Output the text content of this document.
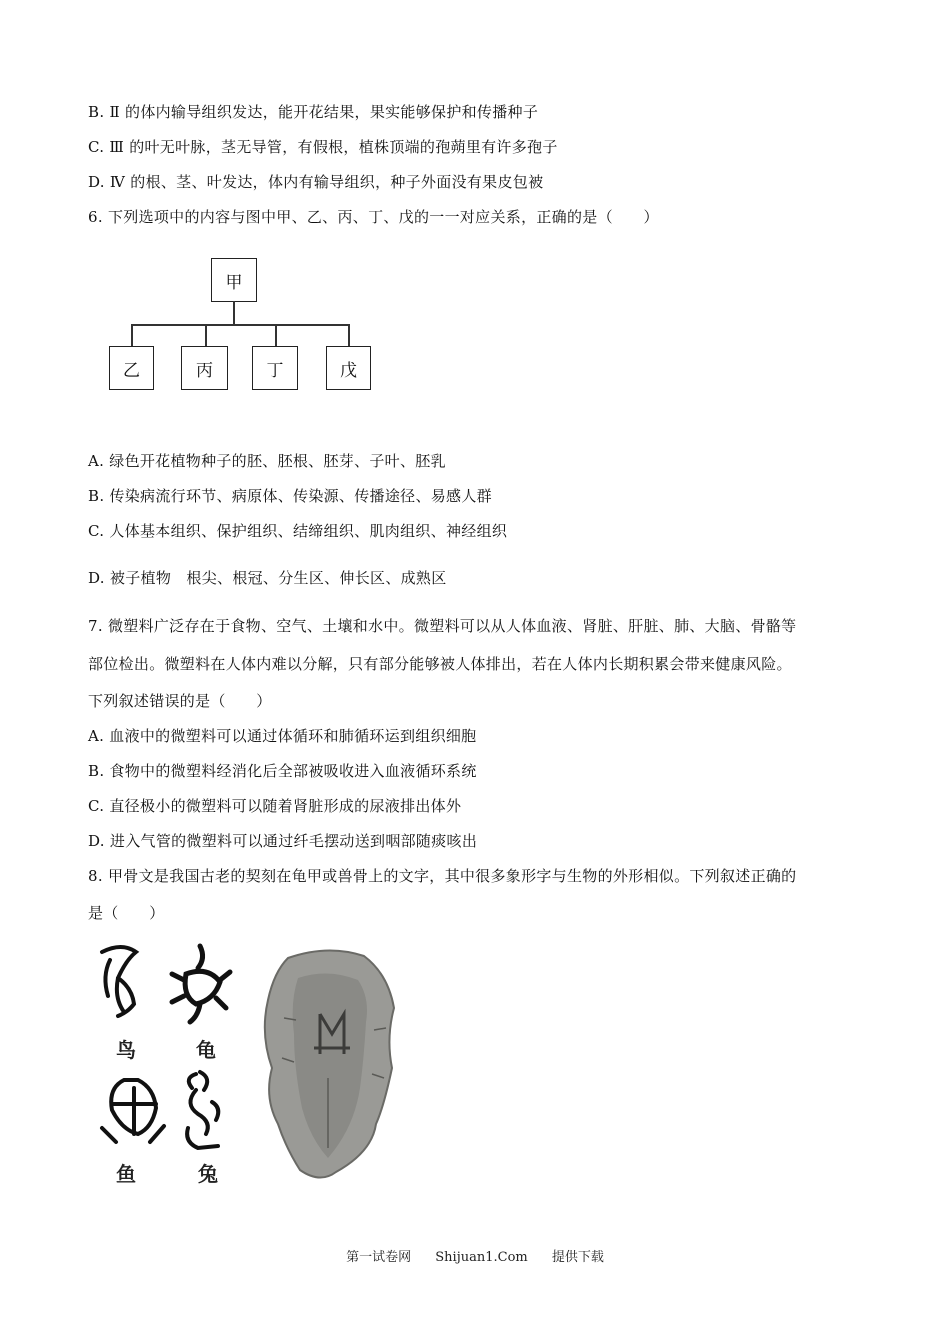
B. Ⅱ 的体内输导组织发达，能开花结果，果实能够保护和传播种子
C. Ⅲ 的叶无叶脉，茎无导管，有假根，植株顶端的孢蒴里有许多孢子
D. Ⅳ 的根、茎、叶发达，体内有输导组织，种子外面没有果皮包被
6. 下列选项中的内容与图中甲、乙、丙、丁、戊的一一对应关系，正确的是（　　）
甲
乙	丙	丁	戊
A. 绿色开花植物种子的胚、胚根、胚芽、子叶、胚乳
B. 传染病流行环节、病原体、传染源、传播途径、易感人群
C. 人体基本组织、保护组织、结缔组织、肌肉组织、神经组织
D. 被子植物　根尖、根冠、分生区、伸长区、成熟区
7. 微塑料广泛存在于食物、空气、土壤和水中。微塑料可以从人体血液、肾脏、肝脏、肺、大脑、骨骼等
部位检出。微塑料在人体内难以分解，只有部分能够被人体排出，若在人体内长期积累会带来健康风险。
下列叙述错误的是（　　）
A. 血液中的微塑料可以通过体循环和肺循环运到组织细胞
B. 食物中的微塑料经消化后全部被吸收进入血液循环系统
C. 直径极小的微塑料可以随着肾脏形成的尿液排出体外
D. 进入气管的微塑料可以通过纤毛摆动送到咽部随痰咳出
8. 甲骨文是我国古老的契刻在龟甲或兽骨上的文字，其中很多象形字与生物的外形相似。下列叙述正确的
是（　　）
鸟	龟
鱼	兔
第一试卷网 Shijuan1.Com 提供下载
